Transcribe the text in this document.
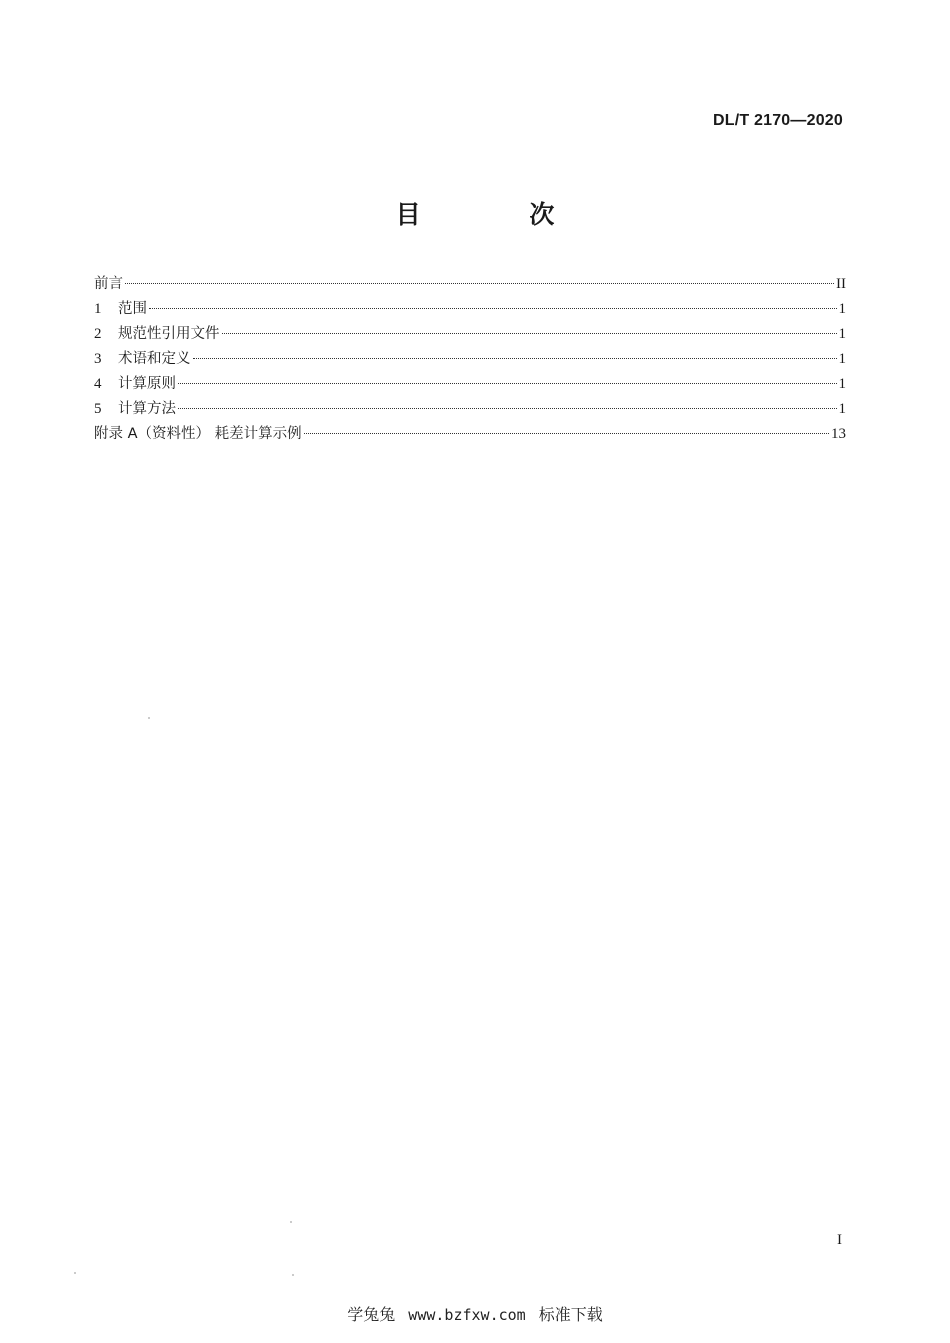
DL/T 2170—2020
目 次
前言	II
1	范围	1
2	规范性引用文件	1
3	术语和定义	1
4	计算原则	1
5	计算方法	1
附录 A（资料性） 耗差计算示例	13
I
学兔兔 www.bzfxw.com 标准下载
